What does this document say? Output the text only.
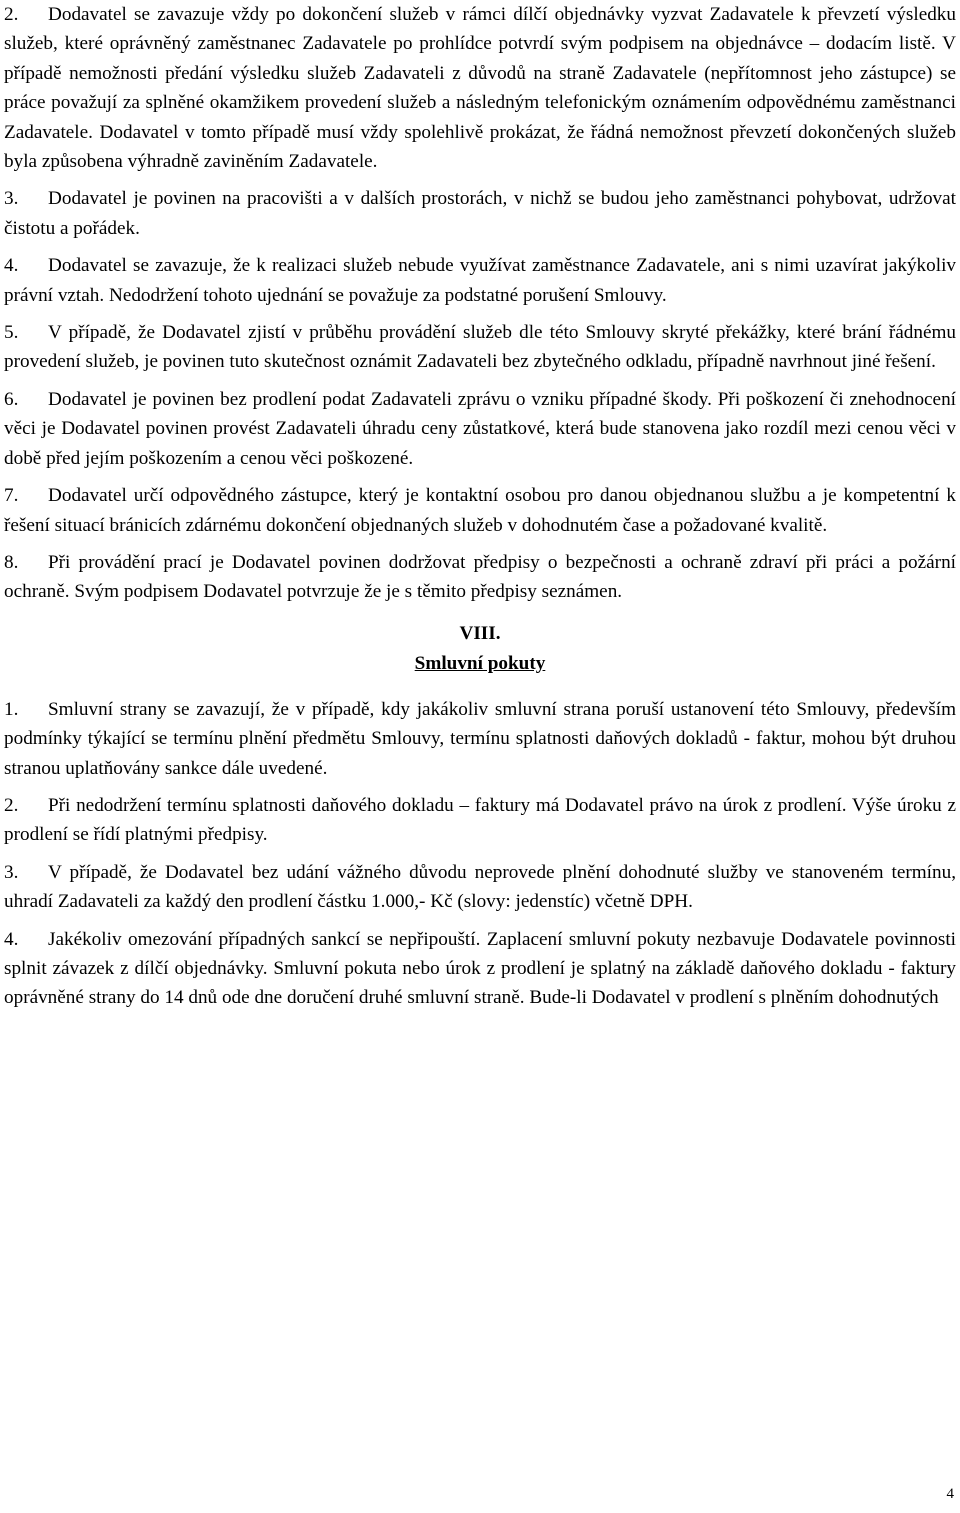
2. Dodavatel se zavazuje vždy po dokončení služeb v rámci dílčí objednávky vyzvat Zadavatele k převzetí výsledku služeb, které oprávněný zaměstnanec Zadavatele po prohlídce potvrdí svým podpisem na objednávce – dodacím listě. V případě nemožnosti předání výsledku služeb Zadavateli z důvodů na straně Zadavatele (nepřítomnost jeho zástupce) se práce považují za splněné okamžikem provedení služeb a následným telefonickým oznámením odpovědnému zaměstnanci Zadavatele. Dodavatel v tomto případě musí vždy spolehlivě prokázat, že řádná nemožnost převzetí dokončených služeb byla způsobena výhradně zaviněním Zadavatele.

3. Dodavatel je povinen na pracovišti a v dalších prostorách, v nichž se budou jeho zaměstnanci pohybovat, udržovat čistotu a pořádek.

4. Dodavatel se zavazuje, že k realizaci služeb nebude využívat zaměstnance Zadavatele, ani s nimi uzavírat jakýkoliv právní vztah. Nedodržení tohoto ujednání se považuje za podstatné porušení Smlouvy.

5. V případě, že Dodavatel zjistí v průběhu provádění služeb dle této Smlouvy skryté překážky, které brání řádnému provedení služeb, je povinen tuto skutečnost oznámit Zadavateli bez zbytečného odkladu, případně navrhnout jiné řešení.

6. Dodavatel je povinen bez prodlení podat Zadavateli zprávu o vzniku případné škody. Při poškození či znehodnocení věci je Dodavatel povinen provést Zadavateli úhradu ceny zůstatkové, která bude stanovena jako rozdíl mezi cenou věci v době před jejím poškozením a cenou věci poškozené.

7. Dodavatel určí odpovědného zástupce, který je kontaktní osobou pro danou objednanou službu a je kompetentní k řešení situací bránicích zdárnému dokončení objednaných služeb v dohodnutém čase a požadované kvalitě.

8. Při provádění prací je Dodavatel povinen dodržovat předpisy o bezpečnosti a ochraně zdraví při práci a požární ochraně. Svým podpisem Dodavatel potvrzuje že je s těmito předpisy seznámen.

VIII.
Smluvní pokuty

1. Smluvní strany se zavazují, že v případě, kdy jakákoliv smluvní strana poruší ustanovení této Smlouvy, především podmínky týkající se termínu plnění předmětu Smlouvy, termínu splatnosti daňových dokladů - faktur, mohou být druhou stranou uplatňovány sankce dále uvedené.

2. Při nedodržení termínu splatnosti daňového dokladu – faktury má Dodavatel právo na úrok z prodlení. Výše úroku z prodlení se řídí platnými předpisy.

3. V případě, že Dodavatel bez udání vážného důvodu neprovede plnění dohodnuté služby ve stanoveném termínu, uhradí Zadavateli za každý den prodlení částku 1.000,- Kč (slovy: jedenstíc) včetně DPH.

4. Jakékoliv omezování případných sankcí se nepřipouští. Zaplacení smluvní pokuty nezbavuje Dodavatele povinnosti splnit závazek z dílčí objednávky. Smluvní pokuta nebo úrok z prodlení je splatný na základě daňového dokladu - faktury oprávněné strany do 14 dnů ode dne doručení druhé smluvní straně. Bude-li Dodavatel v prodlení s plněním dohodnutých

4
